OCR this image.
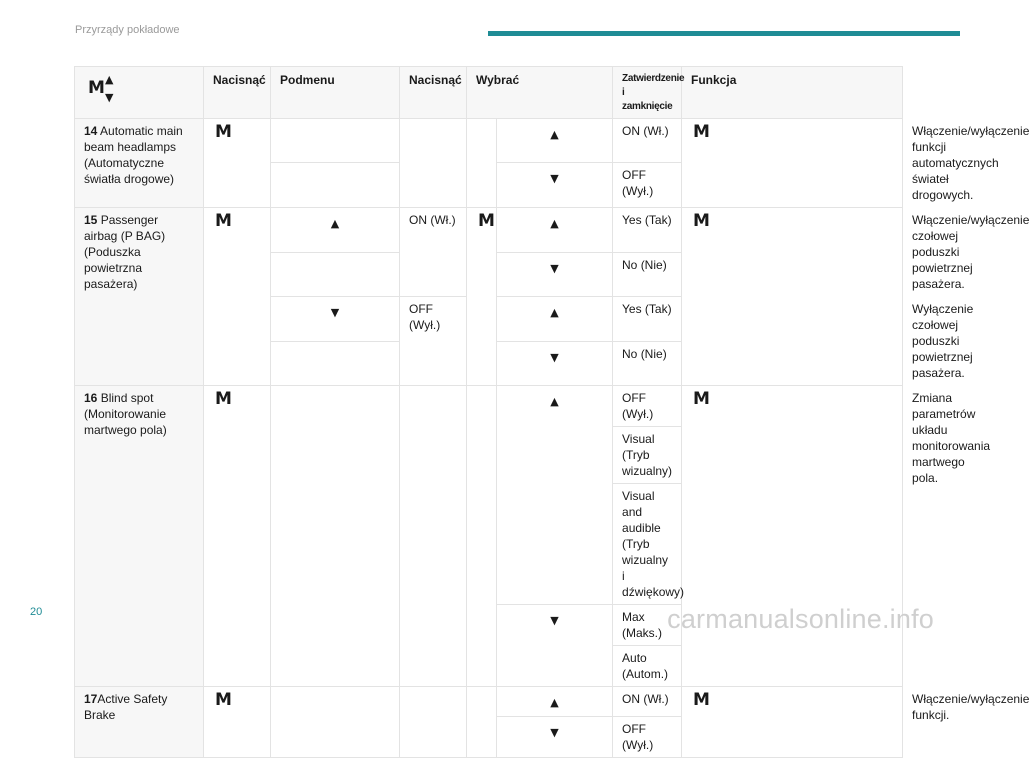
Przyrządy pokładowe
M ▲
▼	Nacisnąć	Podmenu	Nacisnąć	Wybrać		Zatwierdzenie i zamknięcie	Funkcja	
14 Automatic main beam headlamps (Automatyczne światła drogowe)	M				▲	ON (Wł.)	M	Włączenie/wyłączenie funkcji automatycznych świateł drogowych.
					▼	OFF (Wył.)		
15 Passenger airbag (P BAG) (Poduszka powietrzna pasażera)	M	▲	ON (Wł.)	M	▲	Yes (Tak)	M	Włączenie/wyłączenie czołowej poduszki powietrznej pasażera.
					▼	No (Nie)		
		▼	OFF (Wył.)		▲	Yes (Tak)		Wyłączenie czołowej poduszki powietrznej pasażera.
					▼	No (Nie)		
16 Blind spot (Monitorowanie martwego pola)	M				▲	OFF (Wył.)	M	Zmiana parametrów układu monitorowania martwego pola.
						Visual (Tryb wizualny)		
						Visual and audible (Tryb wizualny i dźwiękowy)		
					▼	Max (Maks.)		
						Auto (Autom.)		
17Active Safety Brake	M				▲	ON (Wł.)	M	Włączenie/wyłączenie funkcji.
					▼	OFF (Wył.)		
20	carmanualsonline.info
